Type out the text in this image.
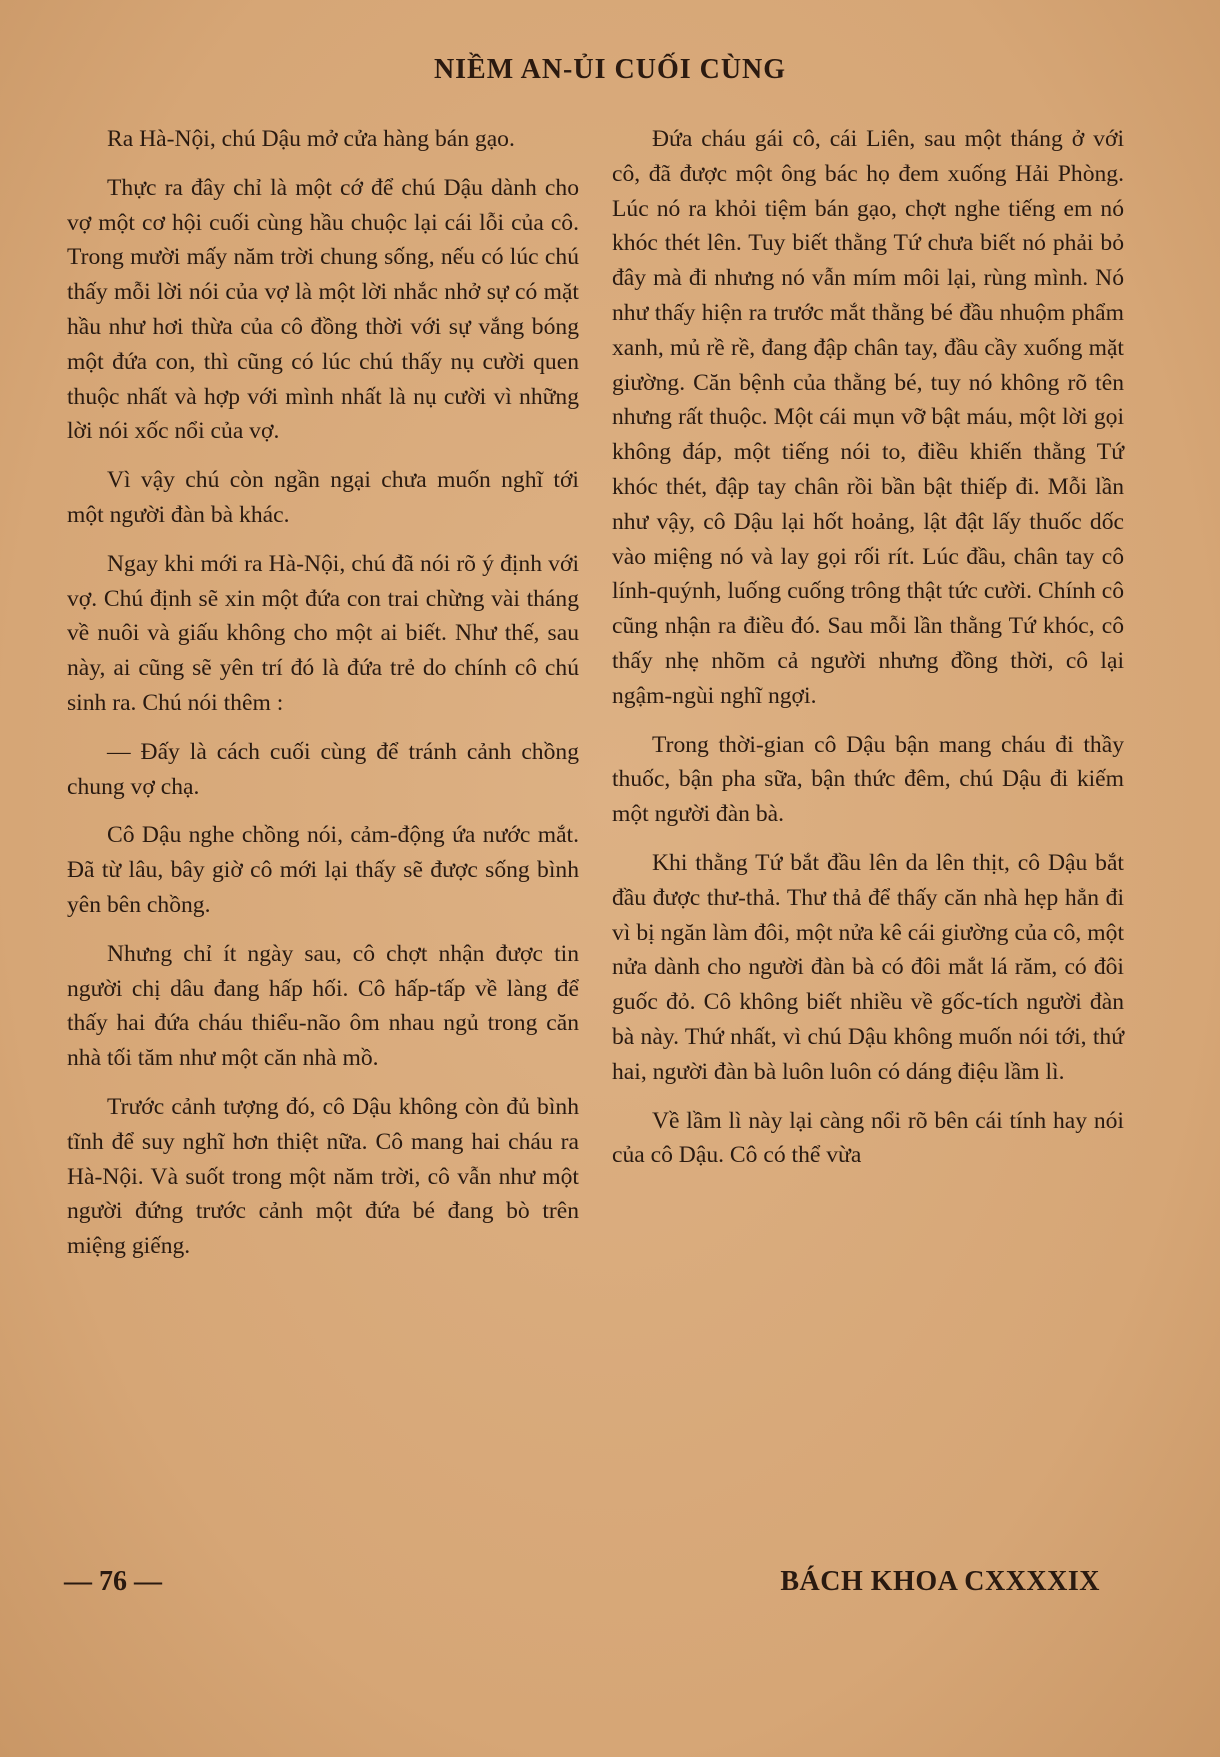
NIỀM AN-ỦI CUỐI CÙNG

Ra Hà-Nội, chú Dậu mở cửa hàng bán gạo.

Thực ra đây chỉ là một cớ để chú Dậu dành cho vợ một cơ hội cuối cùng hầu chuộc lại cái lỗi của cô. Trong mười mấy năm trời chung sống, nếu có lúc chú thấy mỗi lời nói của vợ là một lời nhắc nhở sự có mặt hầu như hơi thừa của cô đồng thời với sự vắng bóng một đứa con, thì cũng có lúc chú thấy nụ cười quen thuộc nhất và hợp với mình nhất là nụ cười vì những lời nói xốc nổi của vợ.

Vì vậy chú còn ngần ngại chưa muốn nghĩ tới một người đàn bà khác.

Ngay khi mới ra Hà-Nội, chú đã nói rõ ý định với vợ. Chú định sẽ xin một đứa con trai chừng vài tháng về nuôi và giấu không cho một ai biết. Như thế, sau này, ai cũng sẽ yên trí đó là đứa trẻ do chính cô chú sinh ra. Chú nói thêm :

— Đấy là cách cuối cùng để tránh cảnh chồng chung vợ chạ.

Cô Dậu nghe chồng nói, cảm-động ứa nước mắt. Đã từ lâu, bây giờ cô mới lại thấy sẽ được sống bình yên bên chồng.

Nhưng chỉ ít ngày sau, cô chợt nhận được tin người chị dâu đang hấp hối. Cô hấp-tấp về làng để thấy hai đứa cháu thiểu-não ôm nhau ngủ trong căn nhà tối tăm như một căn nhà mồ.

Trước cảnh tượng đó, cô Dậu không còn đủ bình tĩnh để suy nghĩ hơn thiệt nữa. Cô mang hai cháu ra Hà-Nội. Và suốt trong một năm trời, cô vẫn như một người đứng trước cảnh một đứa bé đang bò trên miệng giếng.

Đứa cháu gái cô, cái Liên, sau một tháng ở với cô, đã được một ông bác họ đem xuống Hải Phòng. Lúc nó ra khỏi tiệm bán gạo, chợt nghe tiếng em nó khóc thét lên. Tuy biết thằng Tứ chưa biết nó phải bỏ đây mà đi nhưng nó vẫn mím môi lại, rùng mình. Nó như thấy hiện ra trước mắt thằng bé đầu nhuộm phẩm xanh, mủ rề rề, đang đập chân tay, đầu cầy xuống mặt giường. Căn bệnh của thằng bé, tuy nó không rõ tên nhưng rất thuộc. Một cái mụn vỡ bật máu, một lời gọi không đáp, một tiếng nói to, điều khiến thằng Tứ khóc thét, đập tay chân rồi bần bật thiếp đi. Mỗi lần như vậy, cô Dậu lại hốt hoảng, lật đật lấy thuốc dốc vào miệng nó và lay gọi rối rít. Lúc đầu, chân tay cô lính-quýnh, luống cuống trông thật tức cười. Chính cô cũng nhận ra điều đó. Sau mỗi lần thằng Tứ khóc, cô thấy nhẹ nhõm cả người nhưng đồng thời, cô lại ngậm-ngùi nghĩ ngợi.

Trong thời-gian cô Dậu bận mang cháu đi thầy thuốc, bận pha sữa, bận thức đêm, chú Dậu đi kiếm một người đàn bà.

Khi thằng Tứ bắt đầu lên da lên thịt, cô Dậu bắt đầu được thư-thả. Thư thả để thấy căn nhà hẹp hẳn đi vì bị ngăn làm đôi, một nửa kê cái giường của cô, một nửa dành cho người đàn bà có đôi mắt lá răm, có đôi guốc đỏ. Cô không biết nhiều về gốc-tích người đàn bà này. Thứ nhất, vì chú Dậu không muốn nói tới, thứ hai, người đàn bà luôn luôn có dáng điệu lầm lì.

Về lầm lì này lại càng nổi rõ bên cái tính hay nói của cô Dậu. Cô có thể vừa

— 76 —	BÁCH KHOA CXXXXIX
